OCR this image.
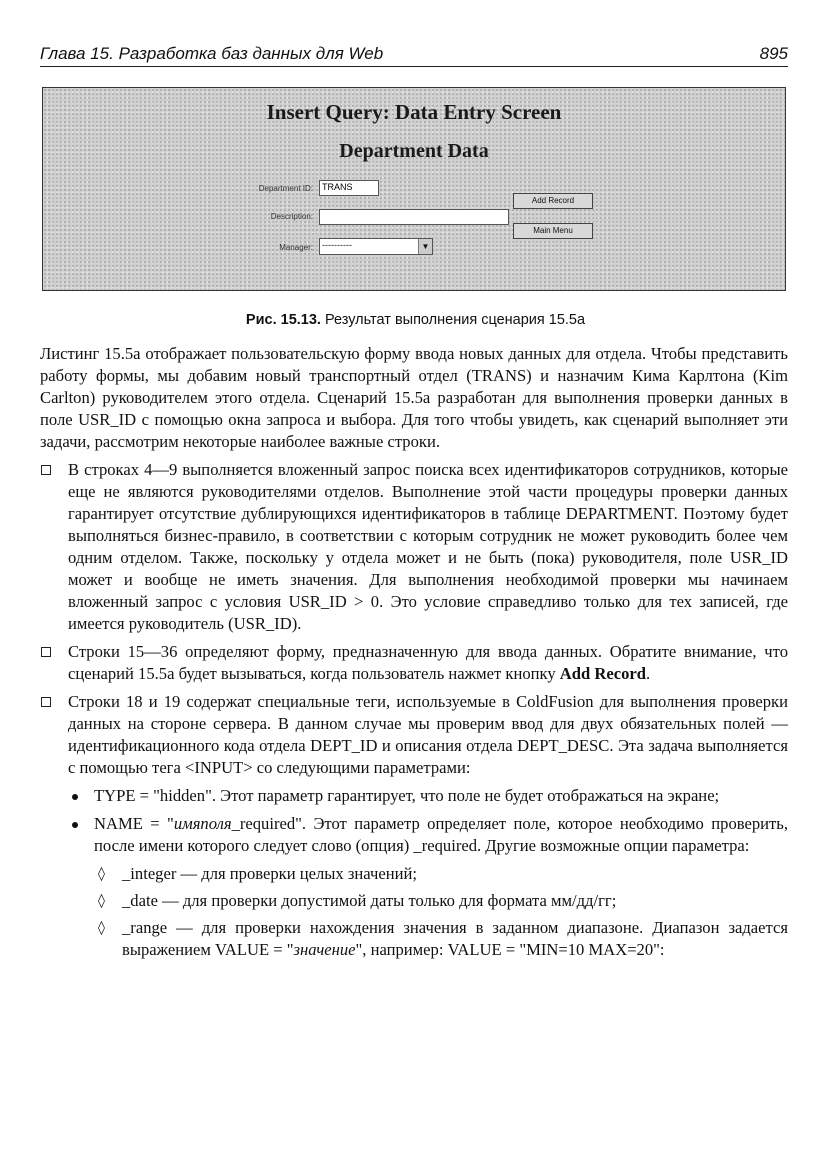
Глава 15. Разработка баз данных для Web	895
Insert Query: Data Entry Screen
Department Data
Department ID:	TRANS
Description:
Manager:	----------	▼
Add Record
Main Menu
Рис. 15.13. Результат выполнения сценария 15.5а

Листинг 15.5а отображает пользовательскую форму ввода новых данных для отдела. Чтобы представить работу формы, мы добавим новый транспортный отдел (TRANS) и назначим Кима Карлтона (Kim Carlton) руководителем этого отдела. Сценарий 15.5а разработан для выполнения проверки данных в поле USR_ID с помощью окна запроса и выбора. Для того чтобы увидеть, как сценарий выполняет эти задачи, рассмотрим некоторые наиболее важные строки.

В строках 4—9 выполняется вложенный запрос поиска всех идентификаторов сотрудников, которые еще не являются руководителями отделов. Выполнение этой части процедуры проверки данных гарантирует отсутствие дублирующихся идентификаторов в таблице DEPARTMENT. Поэтому будет выполняться бизнес-правило, в соответствии с которым сотрудник не может руководить более чем одним отделом. Также, поскольку у отдела может и не быть (пока) руководителя, поле USR_ID может и вообще не иметь значения. Для выполнения необходимой проверки мы начинаем вложенный запрос с условия USR_ID > 0. Это условие справедливо только для тех записей, где имеется руководитель (USR_ID).
Строки 15—36 определяют форму, предназначенную для ввода данных. Обратите внимание, что сценарий 15.5а будет вызываться, когда пользователь нажмет кнопку Add Record.
Строки 18 и 19 содержат специальные теги, используемые в ColdFusion для выполнения проверки данных на стороне сервера. В данном случае мы проверим ввод для двух обязательных полей — идентификационного кода отдела DEPT_ID и описания отдела DEPT_DESC. Эта задача выполняется с помощью тега <INPUT> со следующими параметрами:
TYPE = "hidden". Этот параметр гарантирует, что поле не будет отображаться на экране;
NAME = "имяполя_required". Этот параметр определяет поле, которое необходимо проверить, после имени которого следует слово (опция) _required. Другие возможные опции параметра:
◊ _integer — для проверки целых значений;
◊ _date — для проверки допустимой даты только для формата мм/дд/гг;
◊ _range — для проверки нахождения значения в заданном диапазоне. Диапазон задается выражением VALUE = "значение", например: VALUE = "MIN=10 MAX=20":
